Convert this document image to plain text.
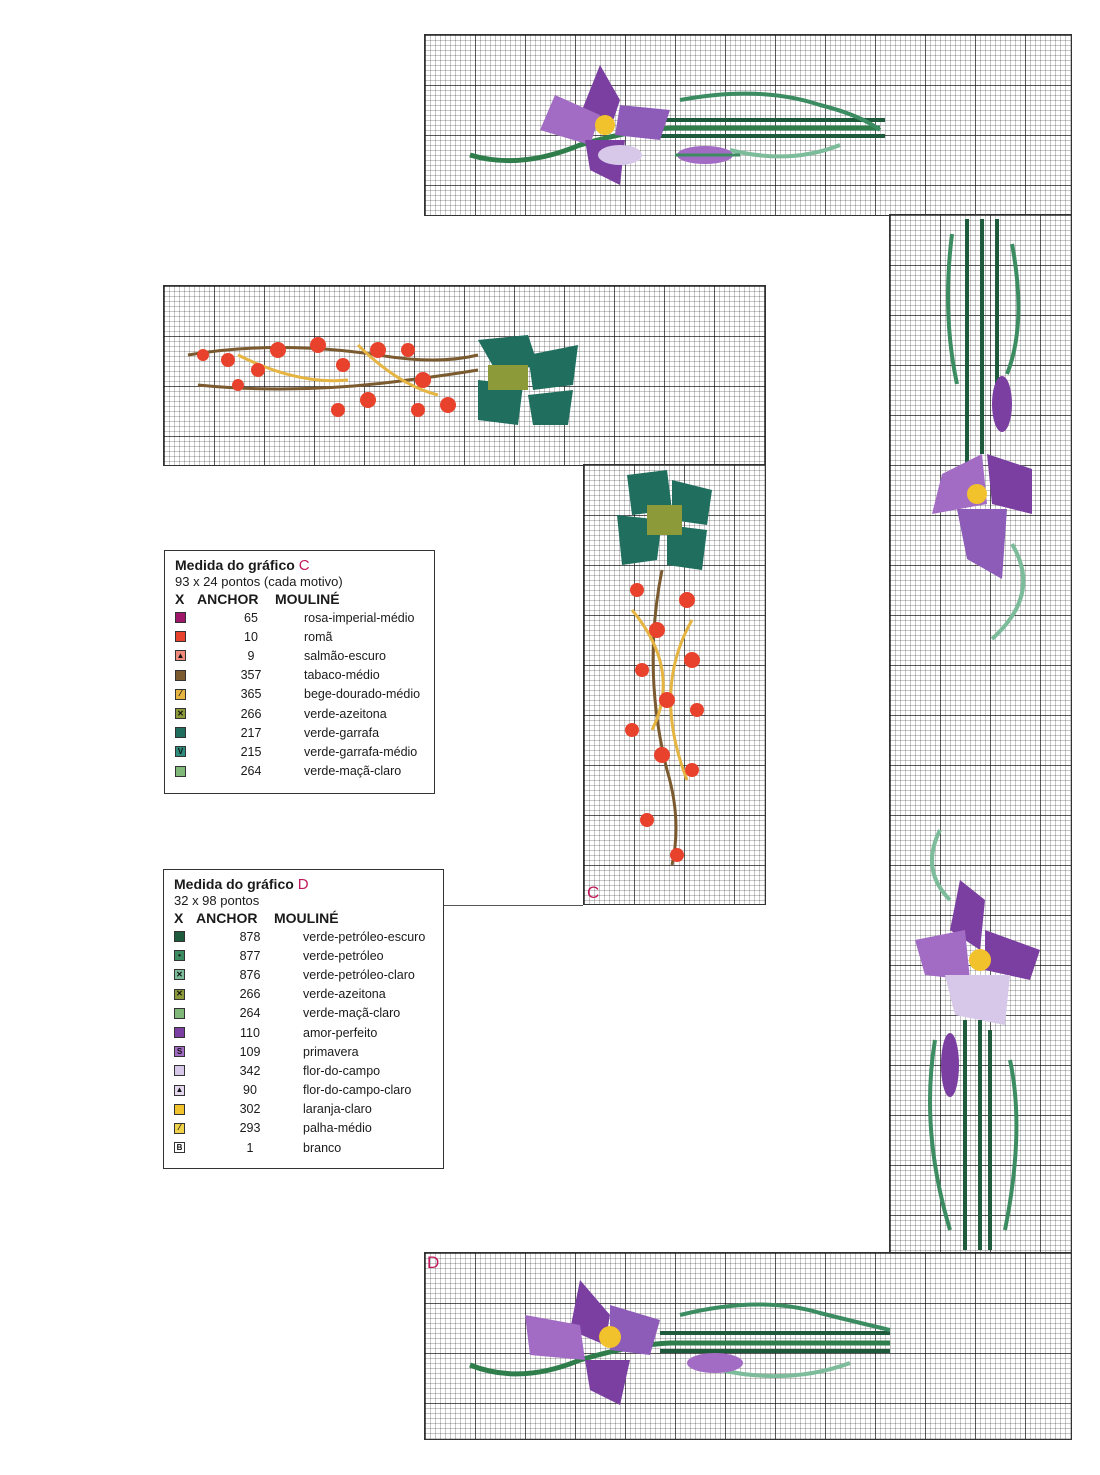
C
D
Medida do gráfico C
93 x 24 pontos (cada motivo)
X ANCHOR MOULINÉ
65	rosa-imperial-médio
10	romã
▲	9	salmão-escuro
357	tabaco-médio
⁄	365	bege-dourado-médio
✕	266	verde-azeitona
217	verde-garrafa
V	215	verde-garrafa-médio
264	verde-maçã-claro
Medida do gráfico D
32 x 98 pontos
X ANCHOR MOULINÉ
878	verde-petróleo-escuro
•	877	verde-petróleo
✕	876	verde-petróleo-claro
✕	266	verde-azeitona
264	verde-maçã-claro
110	amor-perfeito
S	109	primavera
342	flor-do-campo
▲	90	flor-do-campo-claro
302	laranja-claro
⁄	293	palha-médio
B	1	branco
